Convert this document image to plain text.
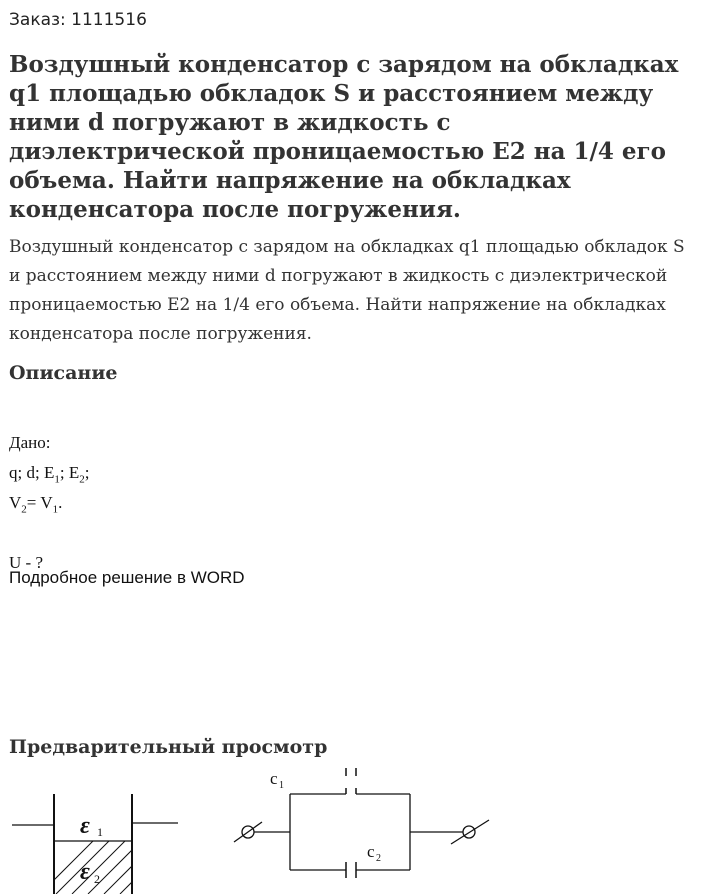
Заказ: 1111516
Воздушный конденсатор с зарядом на обкладках q1 площадью обкладок S и расстоянием между ними d погружают в жидкость с диэлектрической проницаемостью E2 на 1/4 его объема. Найти напряжение на обкладках конденсатора после погружения.

Воздушный конденсатор с зарядом на обкладках q1 площадью обкладок S и расстоянием между ними d погружают в жидкость с диэлектрической проницаемостью E2 на 1/4 его объема. Найти напряжение на обкладках конденсатора после погружения.

Описание
Дано:
q; d; $E_1$; $E_2$;
$V_2= V_1$.
U - ?
Подробное решение в WORD
Предварительный просмотр
ε 1
ε 2
c 1
c 2
